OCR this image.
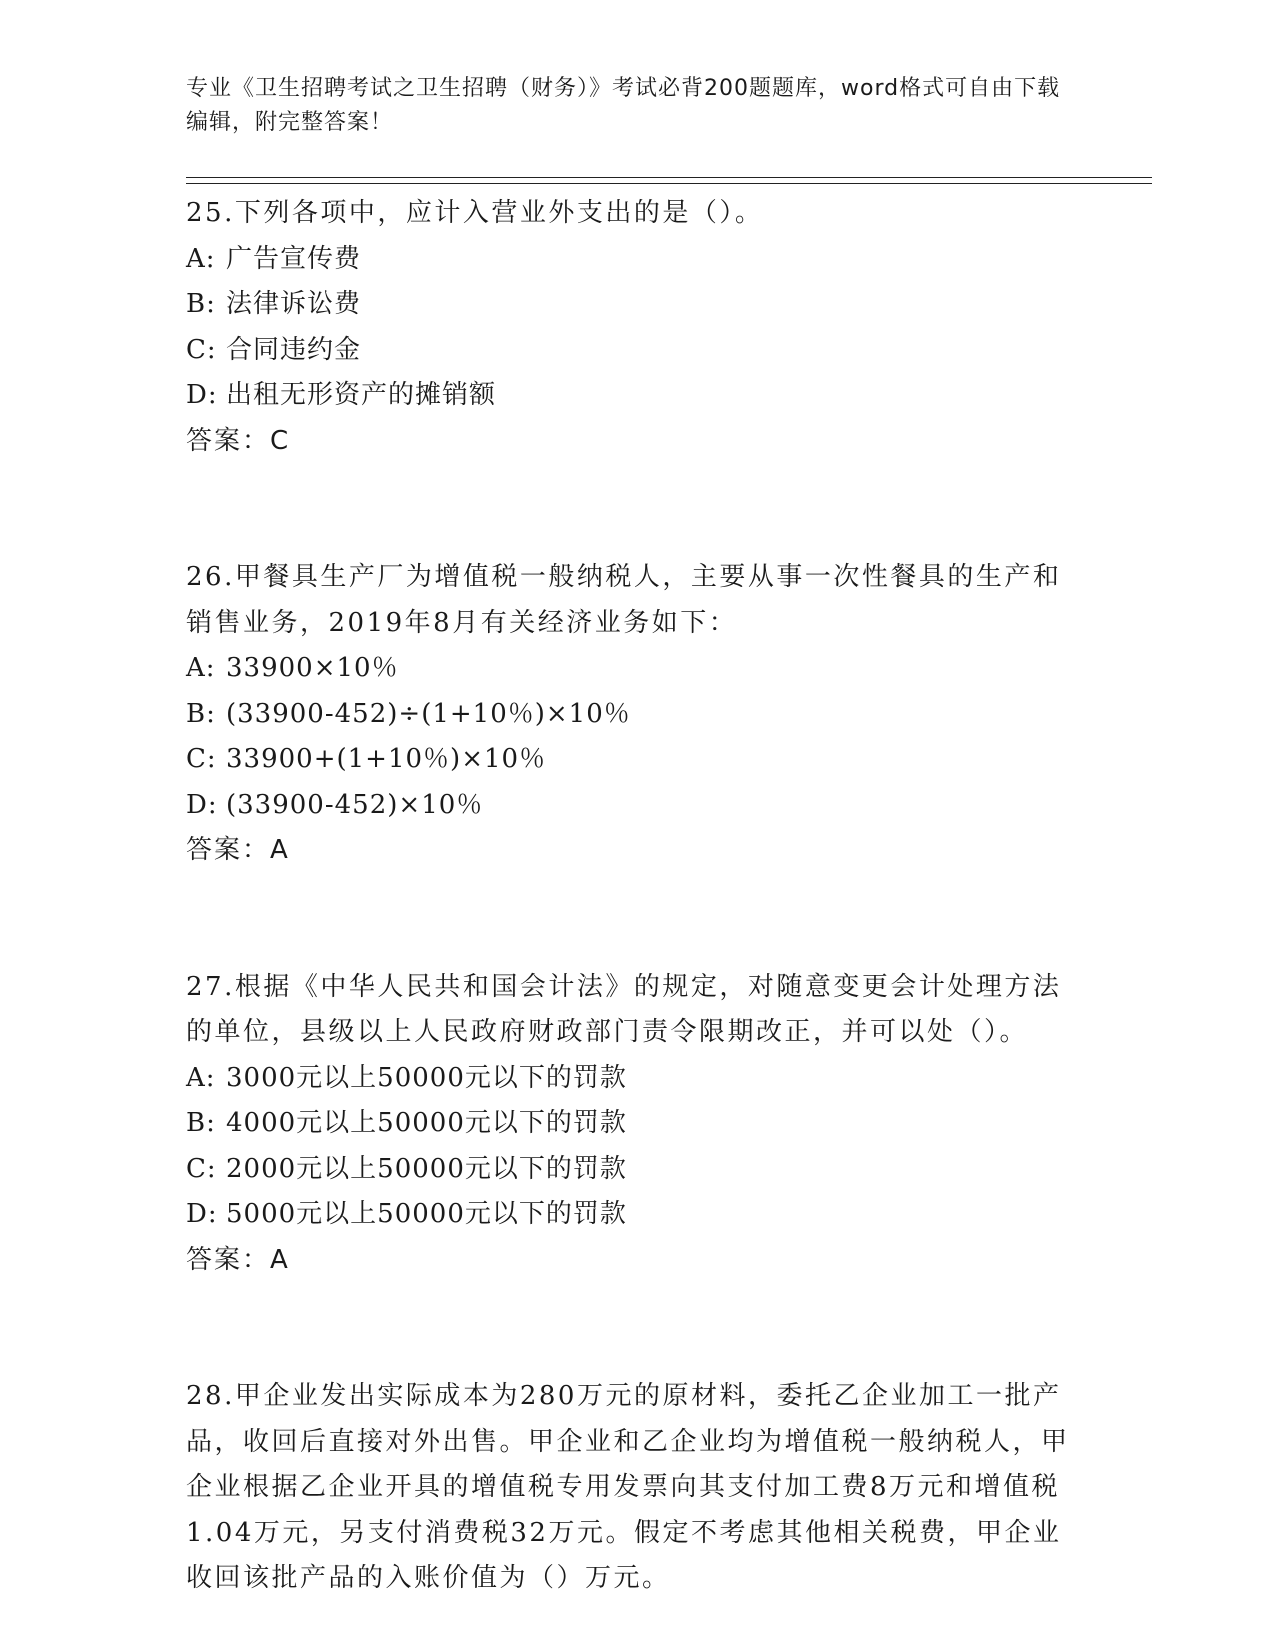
专业《卫生招聘考试之卫生招聘（财务）》考试必背200题题库，word格式可自由下载编辑，附完整答案！

25.下列各项中，应计入营业外支出的是（）。

A: 广告宣传费

B: 法律诉讼费

C: 合同违约金

D: 出租无形资产的摊销额

答案：C

26.甲餐具生产厂为增值税一般纳税人，主要从事一次性餐具的生产和销售业务，2019年8月有关经济业务如下：

A: 33900×10％

B: (33900-452)÷(1+10％)×10％

C: 33900+(1+10％)×10％

D: (33900-452)×10％

答案：A

27.根据《中华人民共和国会计法》的规定，对随意变更会计处理方法的单位，县级以上人民政府财政部门责令限期改正，并可以处（）。

A: 3000元以上50000元以下的罚款

B: 4000元以上50000元以下的罚款

C: 2000元以上50000元以下的罚款

D: 5000元以上50000元以下的罚款

答案：A

28.甲企业发出实际成本为280万元的原材料，委托乙企业加工一批产品，收回后直接对外出售。甲企业和乙企业均为增值税一般纳税人，甲企业根据乙企业开具的增值税专用发票向其支付加工费8万元和增值税1.04万元，另支付消费税32万元。假定不考虑其他相关税费，甲企业收回该批产品的入账价值为（）万元。
